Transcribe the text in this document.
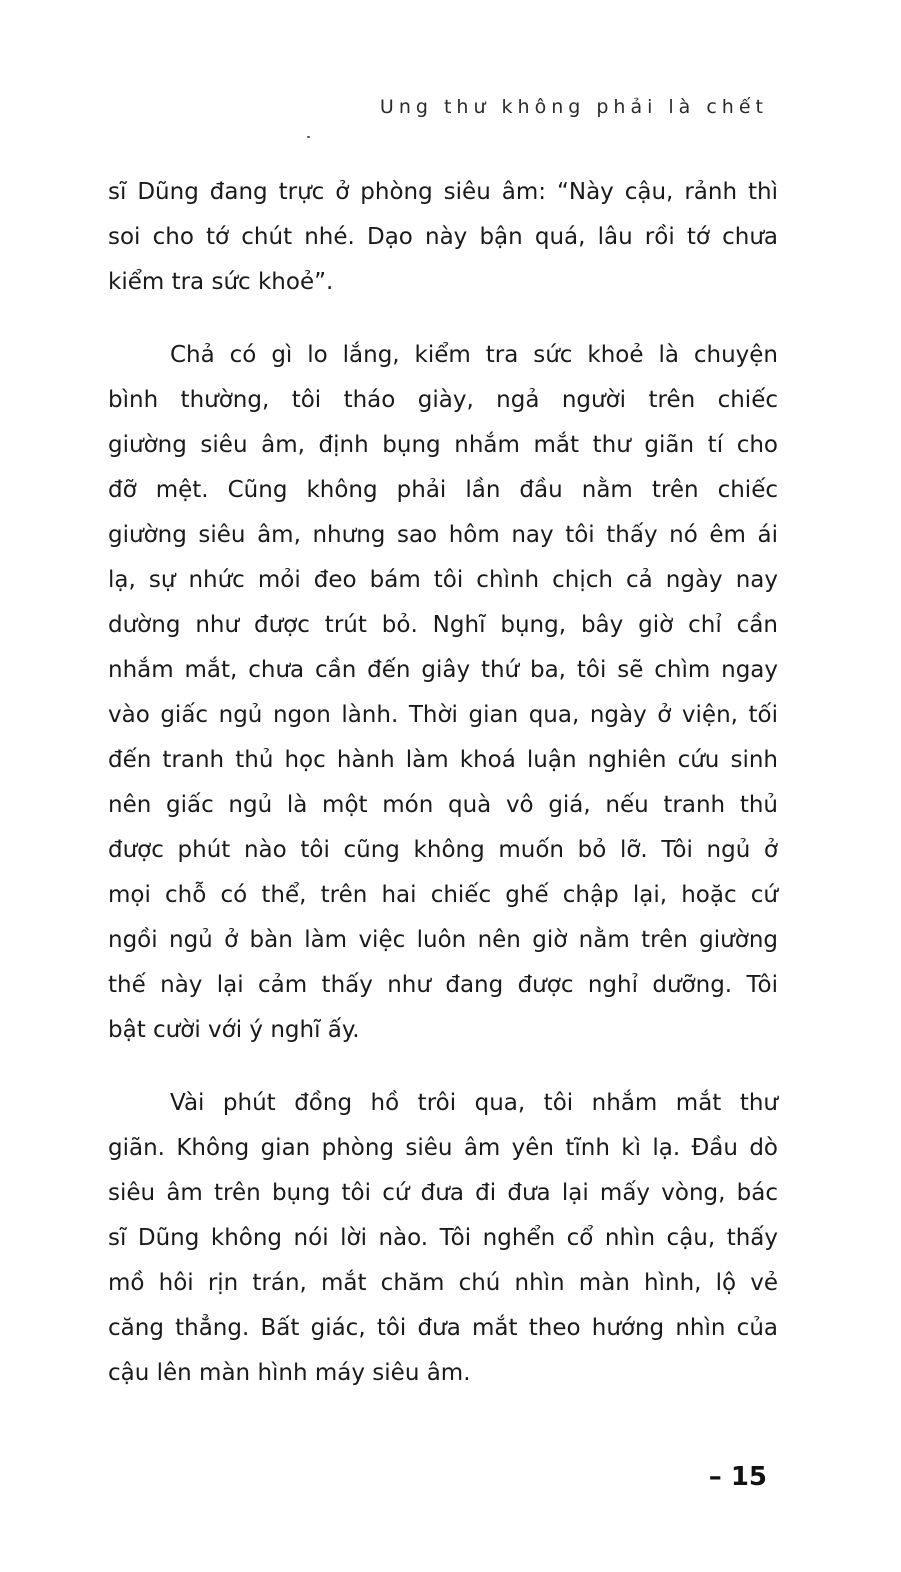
Ung thư không phải là chết

sĩ Dũng đang trực ở phòng siêu âm: “Này cậu, rảnh thì
soi cho tớ chút nhé. Dạo này bận quá, lâu rồi tớ chưa
kiểm tra sức khoẻ”.

Chả có gì lo lắng, kiểm tra sức khoẻ là chuyện
bình thường, tôi tháo giày, ngả người trên chiếc
giường siêu âm, định bụng nhắm mắt thư giãn tí cho
đỡ mệt. Cũng không phải lần đầu nằm trên chiếc
giường siêu âm, nhưng sao hôm nay tôi thấy nó êm ái
lạ, sự nhức mỏi đeo bám tôi chình chịch cả ngày nay
dường như được trút bỏ. Nghĩ bụng, bây giờ chỉ cần
nhắm mắt, chưa cần đến giây thứ ba, tôi sẽ chìm ngay
vào giấc ngủ ngon lành. Thời gian qua, ngày ở viện, tối
đến tranh thủ học hành làm khoá luận nghiên cứu sinh
nên giấc ngủ là một món quà vô giá, nếu tranh thủ
được phút nào tôi cũng không muốn bỏ lỡ. Tôi ngủ ở
mọi chỗ có thể, trên hai chiếc ghế chập lại, hoặc cứ
ngồi ngủ ở bàn làm việc luôn nên giờ nằm trên giường
thế này lại cảm thấy như đang được nghỉ dưỡng. Tôi
bật cười với ý nghĩ ấy.

Vài phút đồng hồ trôi qua, tôi nhắm mắt thư
giãn. Không gian phòng siêu âm yên tĩnh kì lạ. Đầu dò
siêu âm trên bụng tôi cứ đưa đi đưa lại mấy vòng, bác
sĩ Dũng không nói lời nào. Tôi nghển cổ nhìn cậu, thấy
mồ hôi rịn trán, mắt chăm chú nhìn màn hình, lộ vẻ
căng thẳng. Bất giác, tôi đưa mắt theo hướng nhìn của
cậu lên màn hình máy siêu âm.

– 15
